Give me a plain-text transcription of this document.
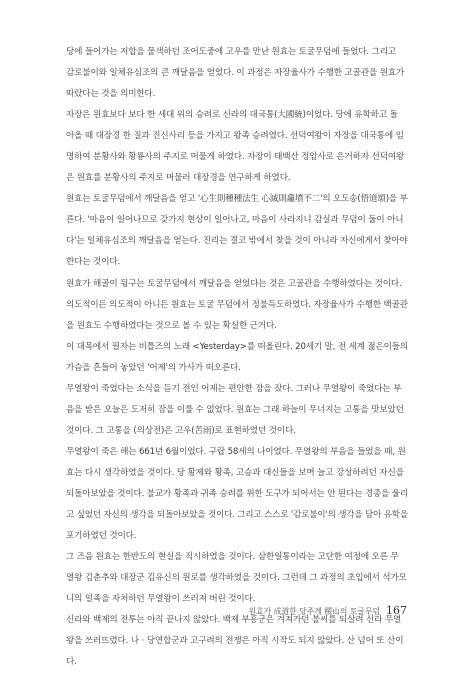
당에 들어가는 저합을 물색하던 조어도중에 고우를 만난 원효는 토굴무덤에 들었다. 그리고
감로불이와 일체유심조의 큰 깨달음을 얻었다. 이 과정은 자장율사가 수행한 고골관을 원효가
따랐다는 것을 의미한다.
자장은 원효보다 보다 한 세대 위의 승려로 신라의 대국통(大國統)이었다. 당에 유학하고 돌
아올 때 대장경 한 질과 진신사리 등을 가지고 왕족 승려였다. 선덕여왕이 자장을 대국통에 임
명하여 분황사와 황룡사의 주지로 머물게 하였다. 자장이 태백산 정암사로 은거하자 선덕여왕
은 원효를 분황사의 주지로 머물러 대장경을 연구하게 하였다.
원효는 토굴무덤에서 깨달음을 얻고 '心生則種種法生 心滅則龕墳不二'의 오도송(悟道頌)을 부
른다. '마음이 일어나므로 갖가지 현상이 일어나고, 마음이 사라지니 감실과 무덤이 둘이 아니
다'는 일체유심조의 깨달음을 얻는다. 진리는 결코 밖에서 찾을 것이 아니라 자신에게서 찾아야
한다는 것이다.
원효가 해골이 뒹구는 토굴무덤에서 깨달음을 얻었다는 것은 고골관을 수행하였다는 것이다.
의도적이든 의도적이 아니든 원효는 토굴 무덤에서 정불득도하였다. 자장율사가 수행한 백골관
을 원효도 수행하였다는 것으로 볼 수 있는 확실한 근거다.
이 대목에서 필자는 비틀즈의 노래 <Yesterday>를 떠올린다. 20세기 말, 전 세계 젊은이들의
가슴을 흔들어 놓았던 '어제'의 가사가 떠오른다.
무열왕이 죽었다는 소식을 듣기 전인 어제는 편안한 잠을 잤다. 그러나 무열왕이 죽었다는 부
음을 받은 오늘은 도저히 잠을 이룰 수 없었다. 원효는 그래 하늘이 무너지는 고통을 맛보았던
것이다. 그 고통을 (의상전)은 고우(苦雨)로 표현하였던 것이다.
무열왕이 죽은 해는 661년 6월이었다. 구랍 58세의 나이였다. 무열왕의 부음을 들었을 때, 원
효는 다시 생각하였을 것이다. 당 황제와 황족, 고승과 대신들을 보며 늘고 강성하려던 자신을
되돌아보았을 것이다. 불교가 황족과 귀족 승려를 위한 도구가 되어서는 안 된다는 경종을 울리
고 싶었던 자신의 생각을 되돌아보았을 것이다. 그리고 스스로 '감로불이'의 생각을 담아 유학을
포기하였던 것이다.
그 즈음 원효는 한반도의 현실을 직시하였을 것이다. 삼한일통이라는 고단한 여정에 오른 무
열왕 김춘추와 대장군 김유신의 원로를 생각하였을 것이다. 그런데 그 과정의 초입에서 석가모
니의 일족을 자처하던 무열왕이 쓰러져 버린 것이다.
신라와 백제의 전투는 아직 끝나지 않았다. 백제 부흥군은 겨져가던 불씨를 되살려 신라 무열
왕을 쓰러뜨렸다. 나 · 당연합군과 고구려의 전쟁은 아직 시작도 되지 않았다. 산 넘어 또 산이
다.
원효가 成道한 당주계 稷山의 토굴무덤 167
